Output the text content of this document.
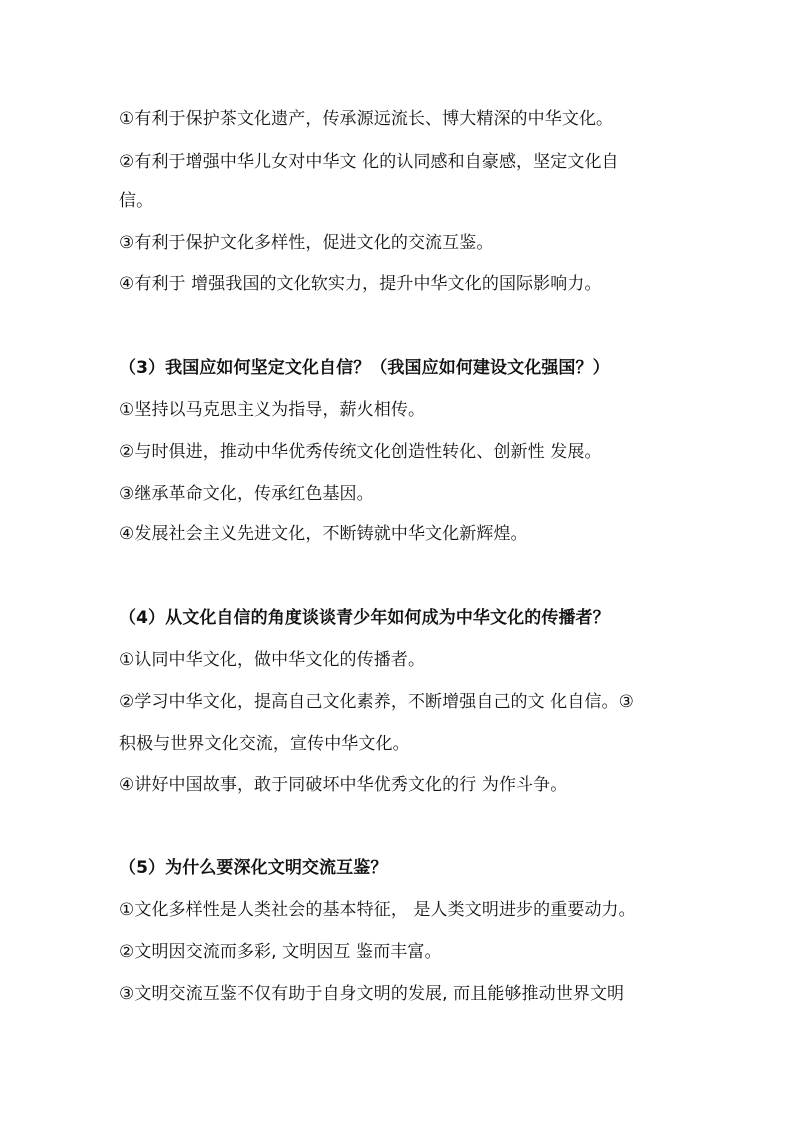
①有利于保护茶文化遗产，传承源远流长、博大精深的中华文化。
②有利于增强中华儿女对中华文 化的认同感和自豪感，坚定文化自
信。
③有利于保护文化多样性，促进文化的交流互鉴。
④有利于 增强我国的文化软实力，提升中华文化的国际影响力。
（3）我国应如何坚定文化自信？（我国应如何建设文化强国？）
①坚持以马克思主义为指导，薪火相传。
②与时俱进，推动中华优秀传统文化创造性转化、创新性 发展。
③继承革命文化，传承红色基因。
④发展社会主义先进文化，不断铸就中华文化新辉煌。
（4）从文化自信的角度谈谈青少年如何成为中华文化的传播者？
①认同中华文化，做中华文化的传播者。
②学习中华文化，提高自己文化素养，不断增强自己的文 化自信。③
积极与世界文化交流，宣传中华文化。
④讲好中国故事，敢于同破坏中华优秀文化的行 为作斗争。
（5）为什么要深化文明交流互鉴？
①文化多样性是人类社会的基本特征， 是人类文明进步的重要动力。
②文明因交流而多彩, 文明因互 鉴而丰富。
③文明交流互鉴不仅有助于自身文明的发展, 而且能够推动世界文明
